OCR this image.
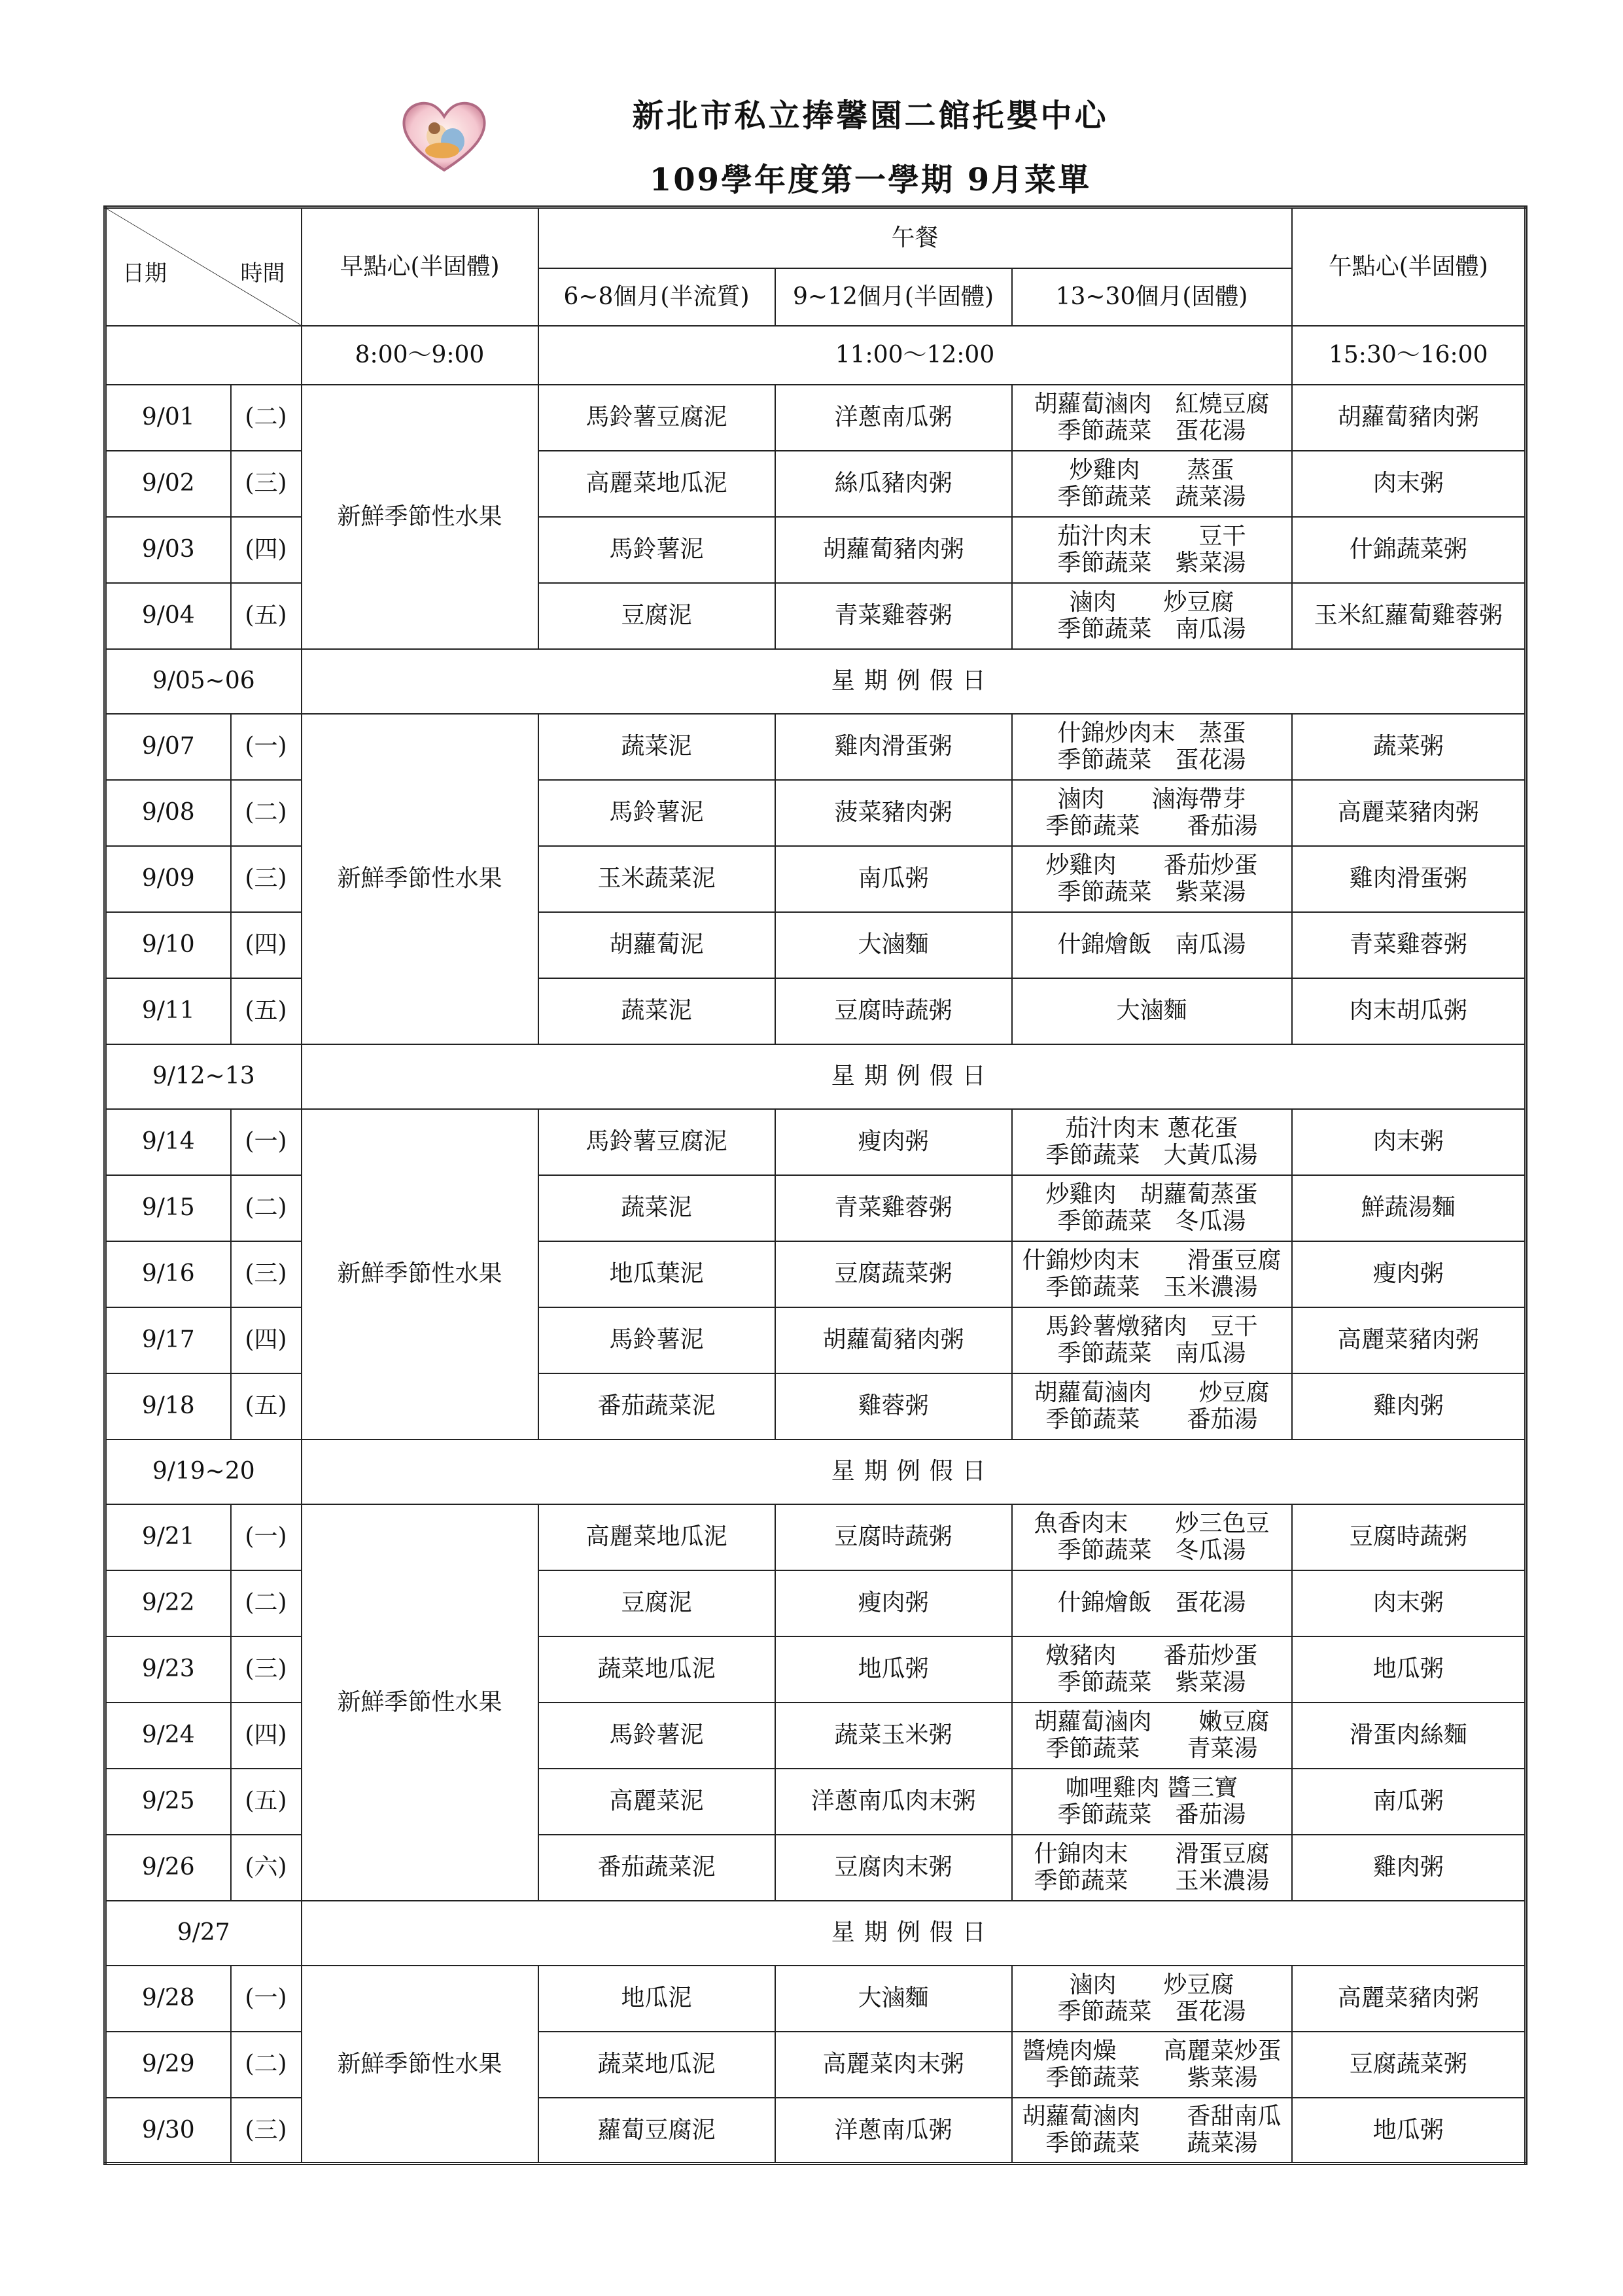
新北市私立捧馨園二館托嬰中心
109學年度第一學期 9月菜單
日期 時間		早點心(半固體)	午餐			午點心(半固體)
			6~8個月(半流質)	9~12個月(半固體)	13~30個月(固體)	
		8:00～9:00	11:00～12:00			15:30～16:00
9/01	(二)	新鮮季節性水果	馬鈴薯豆腐泥	洋蔥南瓜粥	胡蘿蔔滷肉　紅燒豆腐
季節蔬菜　蛋花湯	胡蘿蔔豬肉粥
9/02	(三)		高麗菜地瓜泥	絲瓜豬肉粥	炒雞肉　　蒸蛋
季節蔬菜　蔬菜湯	肉末粥
9/03	(四)		馬鈴薯泥	胡蘿蔔豬肉粥	茄汁肉末　　豆干
季節蔬菜　紫菜湯	什錦蔬菜粥
9/04	(五)		豆腐泥	青菜雞蓉粥	滷肉　　炒豆腐
季節蔬菜　南瓜湯	玉米紅蘿蔔雞蓉粥
9/05~06		星期例假日				
9/07	(一)	新鮮季節性水果	蔬菜泥	雞肉滑蛋粥	什錦炒肉末　蒸蛋
季節蔬菜　蛋花湯	蔬菜粥
9/08	(二)		馬鈴薯泥	菠菜豬肉粥	滷肉　　滷海帶芽
季節蔬菜　　番茄湯	高麗菜豬肉粥
9/09	(三)		玉米蔬菜泥	南瓜粥	炒雞肉　　番茄炒蛋
季節蔬菜　紫菜湯	雞肉滑蛋粥
9/10	(四)		胡蘿蔔泥	大滷麵	什錦燴飯　南瓜湯	青菜雞蓉粥
9/11	(五)		蔬菜泥	豆腐時蔬粥	大滷麵	肉末胡瓜粥
9/12~13		星期例假日				
9/14	(一)	新鮮季節性水果	馬鈴薯豆腐泥	瘦肉粥	茄汁肉末 蔥花蛋
季節蔬菜　大黃瓜湯	肉末粥
9/15	(二)		蔬菜泥	青菜雞蓉粥	炒雞肉　胡蘿蔔蒸蛋
季節蔬菜　冬瓜湯	鮮蔬湯麵
9/16	(三)		地瓜葉泥	豆腐蔬菜粥	什錦炒肉末　　滑蛋豆腐
季節蔬菜　玉米濃湯	瘦肉粥
9/17	(四)		馬鈴薯泥	胡蘿蔔豬肉粥	馬鈴薯燉豬肉　豆干
季節蔬菜　南瓜湯	高麗菜豬肉粥
9/18	(五)		番茄蔬菜泥	雞蓉粥	胡蘿蔔滷肉　　炒豆腐
季節蔬菜　　番茄湯	雞肉粥
9/19~20		星期例假日				
9/21	(一)	新鮮季節性水果	高麗菜地瓜泥	豆腐時蔬粥	魚香肉末　　炒三色豆
季節蔬菜　冬瓜湯	豆腐時蔬粥
9/22	(二)		豆腐泥	瘦肉粥	什錦燴飯　蛋花湯	肉末粥
9/23	(三)		蔬菜地瓜泥	地瓜粥	燉豬肉　　番茄炒蛋
季節蔬菜　紫菜湯	地瓜粥
9/24	(四)		馬鈴薯泥	蔬菜玉米粥	胡蘿蔔滷肉　　嫩豆腐
季節蔬菜　　青菜湯	滑蛋肉絲麵
9/25	(五)		高麗菜泥	洋蔥南瓜肉末粥	咖哩雞肉 醬三寶
季節蔬菜　番茄湯	南瓜粥
9/26	(六)		番茄蔬菜泥	豆腐肉末粥	什錦肉末　　滑蛋豆腐
季節蔬菜　　玉米濃湯	雞肉粥
9/27		星期例假日				
9/28	(一)	新鮮季節性水果	地瓜泥	大滷麵	滷肉　　炒豆腐
季節蔬菜　蛋花湯	高麗菜豬肉粥
9/29	(二)		蔬菜地瓜泥	高麗菜肉末粥	醬燒肉燥　　高麗菜炒蛋
季節蔬菜　　紫菜湯	豆腐蔬菜粥
9/30	(三)		蘿蔔豆腐泥	洋蔥南瓜粥	胡蘿蔔滷肉　　香甜南瓜
季節蔬菜　　蔬菜湯	地瓜粥
